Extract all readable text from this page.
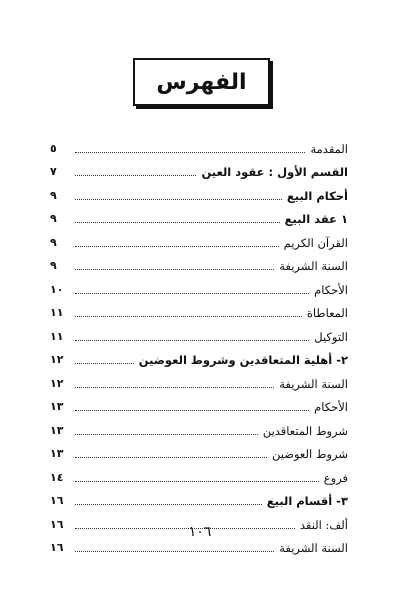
الفهرس
المقدمة
٥
القسم الأول : عقود العين
٧
أحكام البيع
٩
١ عقد البيع
٩
القرآن الكريم
٩
السنة الشريفة
٩
الأحكام
١٠
المعاطاة
١١
التوكيل
١١
٢- أهلية المتعاقدين وشروط العوضين
١٢
السنة الشريفة
١٢
الأحكام
١٣
شروط المتعاقدين
١٣
شروط العوضين
١٣
فروع
١٤
٣- أقسام البيع
١٦
ألف: النقد
١٦
السنة الشريفة
١٦
١٠٦
